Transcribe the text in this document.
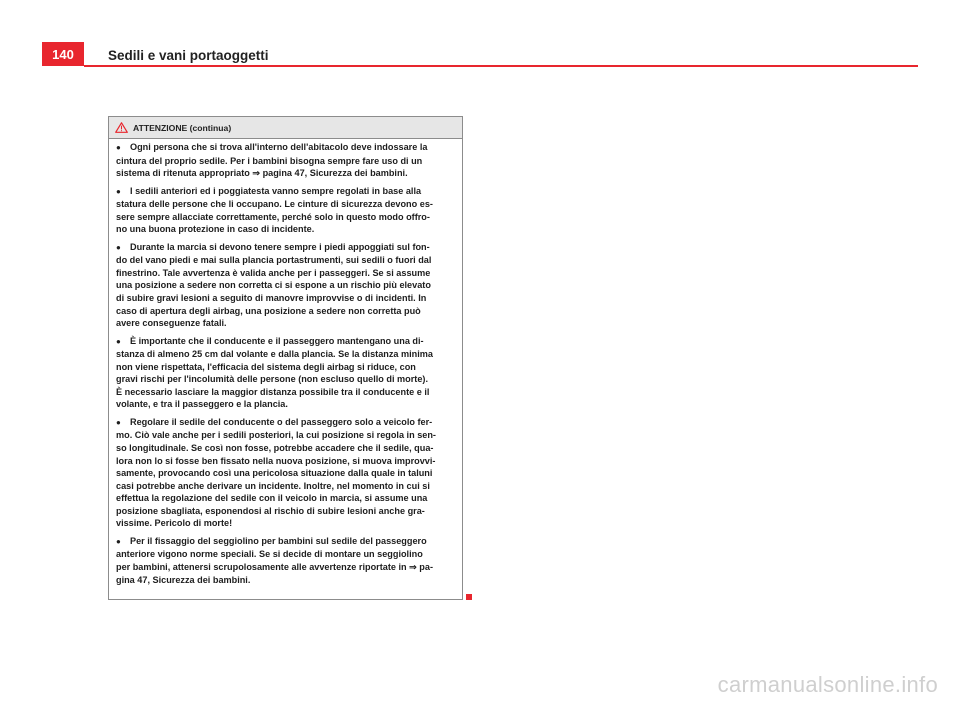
140	Sedili e vani portaoggetti
ATTENZIONE (continua)
● Ogni persona che si trova all'interno dell'abitacolo deve indossare la
cintura del proprio sedile. Per i bambini bisogna sempre fare uso di un
sistema di ritenuta appropriato ⇒ pagina 47, Sicurezza dei bambini.
● I sedili anteriori ed i poggiatesta vanno sempre regolati in base alla
statura delle persone che li occupano. Le cinture di sicurezza devono es-
sere sempre allacciate correttamente, perché solo in questo modo offro-
no una buona protezione in caso di incidente.
● Durante la marcia si devono tenere sempre i piedi appoggiati sul fon-
do del vano piedi e mai sulla plancia portastrumenti, sui sedili o fuori dal
finestrino. Tale avvertenza è valida anche per i passeggeri. Se si assume
una posizione a sedere non corretta ci si espone a un rischio più elevato
di subire gravi lesioni a seguito di manovre improvvise o di incidenti. In
caso di apertura degli airbag, una posizione a sedere non corretta può
avere conseguenze fatali.
● È importante che il conducente e il passeggero mantengano una di-
stanza di almeno 25 cm dal volante e dalla plancia. Se la distanza minima
non viene rispettata, l'efficacia del sistema degli airbag si riduce, con
gravi rischi per l'incolumità delle persone (non escluso quello di morte).
È necessario lasciare la maggior distanza possibile tra il conducente e il
volante, e tra il passeggero e la plancia.
● Regolare il sedile del conducente o del passeggero solo a veicolo fer-
mo. Ciò vale anche per i sedili posteriori, la cui posizione si regola in sen-
so longitudinale. Se così non fosse, potrebbe accadere che il sedile, qua-
lora non lo si fosse ben fissato nella nuova posizione, si muova improvvi-
samente, provocando così una pericolosa situazione dalla quale in taluni
casi potrebbe anche derivare un incidente. Inoltre, nel momento in cui si
effettua la regolazione del sedile con il veicolo in marcia, si assume una
posizione sbagliata, esponendosi al rischio di subire lesioni anche gra-
vissime. Pericolo di morte!
● Per il fissaggio del seggiolino per bambini sul sedile del passeggero
anteriore vigono norme speciali. Se si decide di montare un seggiolino
per bambini, attenersi scrupolosamente alle avvertenze riportate in ⇒ pa-
gina 47, Sicurezza dei bambini.
carmanualsonline.info
